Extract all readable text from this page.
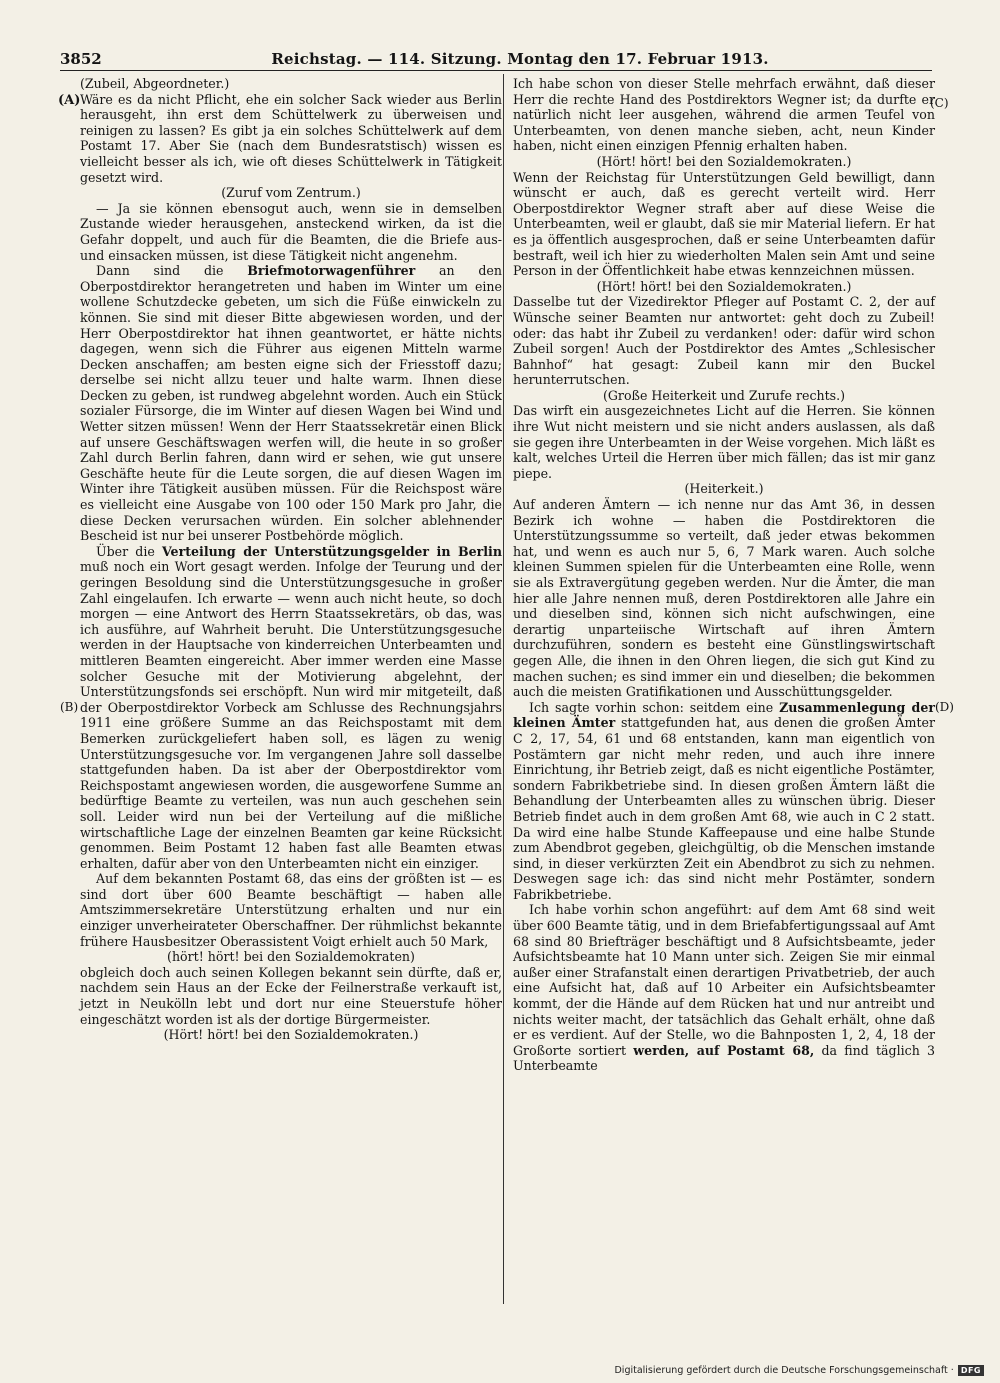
3852	Reichstag. — 114. Sitzung. Montag den 17. Februar 1913.
(A)
(B)
(C)
(D)

(Zubeil, Abgeordneter.)

Wäre es da nicht Pflicht, ehe ein solcher Sack wieder aus Berlin herausgeht, ihn erst dem Schüttelwerk zu überweisen und reinigen zu lassen? Es gibt ja ein solches Schüttelwerk auf dem Postamt 17. Aber Sie (nach dem Bundesratstisch) wissen es vielleicht besser als ich, wie oft dieses Schüttelwerk in Tätigkeit gesetzt wird.

(Zuruf vom Zentrum.)

— Ja sie können ebensogut auch, wenn sie in demselben Zustande wieder herausgehen, ansteckend wirken, da ist die Gefahr doppelt, und auch für die Beamten, die die Briefe aus- und einsacken müssen, ist diese Tätigkeit nicht angenehm.

Dann sind die Briefmotorwagenführer an den Oberpostdirektor herangetreten und haben im Winter um eine wollene Schutzdecke gebeten, um sich die Füße einwickeln zu können. Sie sind mit dieser Bitte abgewiesen worden, und der Herr Oberpostdirektor hat ihnen geantwortet, er hätte nichts dagegen, wenn sich die Führer aus eigenen Mitteln warme Decken anschaffen; am besten eigne sich der Friesstoff dazu; derselbe sei nicht allzu teuer und halte warm. Ihnen diese Decken zu geben, ist rundweg abgelehnt worden. Auch ein Stück sozialer Fürsorge, die im Winter auf diesen Wagen bei Wind und Wetter sitzen müssen! Wenn der Herr Staatssekretär einen Blick auf unsere Geschäftswagen werfen will, die heute in so großer Zahl durch Berlin fahren, dann wird er sehen, wie gut unsere Geschäfte heute für die Leute sorgen, die auf diesen Wagen im Winter ihre Tätigkeit ausüben müssen. Für die Reichspost wäre es vielleicht eine Ausgabe von 100 oder 150 Mark pro Jahr, die diese Decken verursachen würden. Ein solcher ablehnender Bescheid ist nur bei unserer Postbehörde möglich.

Über die Verteilung der Unterstützungsgelder in Berlin muß noch ein Wort gesagt werden. Infolge der Teurung und der geringen Besoldung sind die Unterstützungsgesuche in großer Zahl eingelaufen. Ich erwarte — wenn auch nicht heute, so doch morgen — eine Antwort des Herrn Staatssekretärs, ob das, was ich ausführe, auf Wahrheit beruht. Die Unterstützungsgesuche werden in der Hauptsache von kinderreichen Unterbeamten und mittleren Beamten eingereicht. Aber immer werden eine Masse solcher Gesuche mit der Motivierung abgelehnt, der Unterstützungsfonds sei erschöpft. Nun wird mir mitgeteilt, daß der Oberpostdirektor Vorbeck am Schlusse des Rechnungsjahrs 1911 eine größere Summe an das Reichspostamt mit dem Bemerken zurückgeliefert haben soll, es lägen zu wenig Unterstützungsgesuche vor. Im vergangenen Jahre soll dasselbe stattgefunden haben. Da ist aber der Oberpostdirektor vom Reichspostamt angewiesen worden, die ausgeworfene Summe an bedürftige Beamte zu verteilen, was nun auch geschehen sein soll. Leider wird nun bei der Verteilung auf die mißliche wirtschaftliche Lage der einzelnen Beamten gar keine Rücksicht genommen. Beim Postamt 12 haben fast alle Beamten etwas erhalten, dafür aber von den Unterbeamten nicht ein einziger.

Auf dem bekannten Postamt 68, das eins der größten ist — es sind dort über 600 Beamte beschäftigt — haben alle Amtszimmersekretäre Unterstützung erhalten und nur ein einziger unverheirateter Oberschaffner. Der rühmlichst bekannte frühere Hausbesitzer Oberassistent Voigt erhielt auch 50 Mark,

(hört! hört! bei den Sozialdemokraten)

obgleich doch auch seinen Kollegen bekannt sein dürfte, daß er, nachdem sein Haus an der Ecke der Feilnerstraße verkauft ist, jetzt in Neukölln lebt und dort nur eine Steuerstufe höher eingeschätzt worden ist als der dortige Bürgermeister.

(Hört! hört! bei den Sozialdemokraten.)

Ich habe schon von dieser Stelle mehrfach erwähnt, daß dieser Herr die rechte Hand des Postdirektors Wegner ist; da durfte er natürlich nicht leer ausgehen, während die armen Teufel von Unterbeamten, von denen manche sieben, acht, neun Kinder haben, nicht einen einzigen Pfennig erhalten haben.

(Hört! hört! bei den Sozialdemokraten.)

Wenn der Reichstag für Unterstützungen Geld bewilligt, dann wünscht er auch, daß es gerecht verteilt wird. Herr Oberpostdirektor Wegner straft aber auf diese Weise die Unterbeamten, weil er glaubt, daß sie mir Material liefern. Er hat es ja öffentlich ausgesprochen, daß er seine Unterbeamten dafür bestraft, weil ich hier zu wiederholten Malen sein Amt und seine Person in der Öffentlichkeit habe etwas kennzeichnen müssen.

(Hört! hört! bei den Sozialdemokraten.)

Dasselbe tut der Vizedirektor Pfleger auf Postamt C. 2, der auf Wünsche seiner Beamten nur antwortet: geht doch zu Zubeil! oder: das habt ihr Zubeil zu verdanken! oder: dafür wird schon Zubeil sorgen! Auch der Postdirektor des Amtes „Schlesischer Bahnhof“ hat gesagt: Zubeil kann mir den Buckel herunterrutschen.

(Große Heiterkeit und Zurufe rechts.)

Das wirft ein ausgezeichnetes Licht auf die Herren. Sie können ihre Wut nicht meistern und sie nicht anders auslassen, als daß sie gegen ihre Unterbeamten in der Weise vorgehen. Mich läßt es kalt, welches Urteil die Herren über mich fällen; das ist mir ganz piepe.

(Heiterkeit.)

Auf anderen Ämtern — ich nenne nur das Amt 36, in dessen Bezirk ich wohne — haben die Postdirektoren die Unterstützungssumme so verteilt, daß jeder etwas bekommen hat, und wenn es auch nur 5, 6, 7 Mark waren. Auch solche kleinen Summen spielen für die Unterbeamten eine Rolle, wenn sie als Extravergütung gegeben werden. Nur die Ämter, die man hier alle Jahre nennen muß, deren Postdirektoren alle Jahre ein und dieselben sind, können sich nicht aufschwingen, eine derartig unparteiische Wirtschaft auf ihren Ämtern durchzuführen, sondern es besteht eine Günstlingswirtschaft gegen Alle, die ihnen in den Ohren liegen, die sich gut Kind zu machen suchen; es sind immer ein und dieselben; die bekommen auch die meisten Gratifikationen und Ausschüttungsgelder.

Ich sagte vorhin schon: seitdem eine Zusammenlegung der kleinen Ämter stattgefunden hat, aus denen die großen Ämter C 2, 17, 54, 61 und 68 entstanden, kann man eigentlich von Postämtern gar nicht mehr reden, und auch ihre innere Einrichtung, ihr Betrieb zeigt, daß es nicht eigentliche Postämter, sondern Fabrikbetriebe sind. In diesen großen Ämtern läßt die Behandlung der Unterbeamten alles zu wünschen übrig. Dieser Betrieb findet auch in dem großen Amt 68, wie auch in C 2 statt. Da wird eine halbe Stunde Kaffeepause und eine halbe Stunde zum Abendbrot gegeben, gleichgültig, ob die Menschen imstande sind, in dieser verkürzten Zeit ein Abendbrot zu sich zu nehmen. Deswegen sage ich: das sind nicht mehr Postämter, sondern Fabrikbetriebe.

Ich habe vorhin schon angeführt: auf dem Amt 68 sind weit über 600 Beamte tätig, und in dem Briefabfertigungssaal auf Amt 68 sind 80 Briefträger beschäftigt und 8 Aufsichtsbeamte, jeder Aufsichtsbeamte hat 10 Mann unter sich. Zeigen Sie mir einmal außer einer Strafanstalt einen derartigen Privatbetrieb, der auch eine Aufsicht hat, daß auf 10 Arbeiter ein Aufsichtsbeamter kommt, der die Hände auf dem Rücken hat und nur antreibt und nichts weiter macht, der tatsächlich das Gehalt erhält, ohne daß er es verdient. Auf der Stelle, wo die Bahnposten 1, 2, 4, 18 der Großorte sortiert werden, auf Postamt 68, da find täglich 3 Unterbeamte

Digitalisierung gefördert durch die Deutsche Forschungsgemeinschaft · DFG
